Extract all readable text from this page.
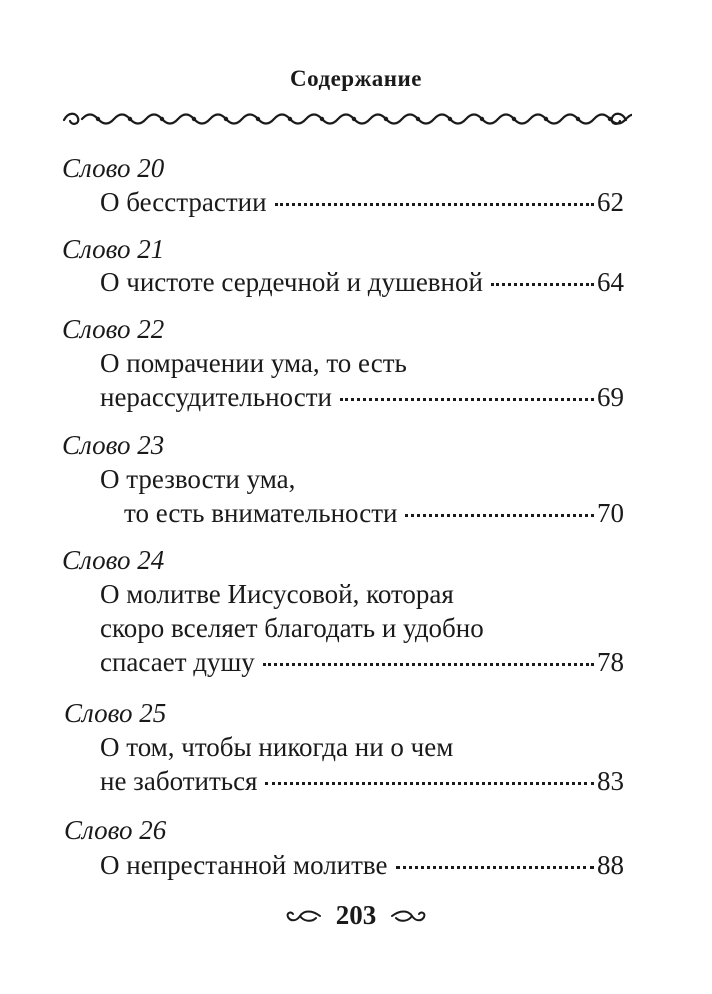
Содержание
Слово 20
О бесстрастии	62
Слово 21
О чистоте сердечной и душевной	64
Слово 22
О помрачении ума, то есть
нерассудительности	69
Слово 23
О трезвости ума,
то есть внимательности	70
Слово 24
О молитве Иисусовой, которая
скоро вселяет благодать и удобно
спасает душу	78
Слово 25
О том, чтобы никогда ни о чем
не заботиться	83
Слово 26
О непрестанной молитве	88
203
